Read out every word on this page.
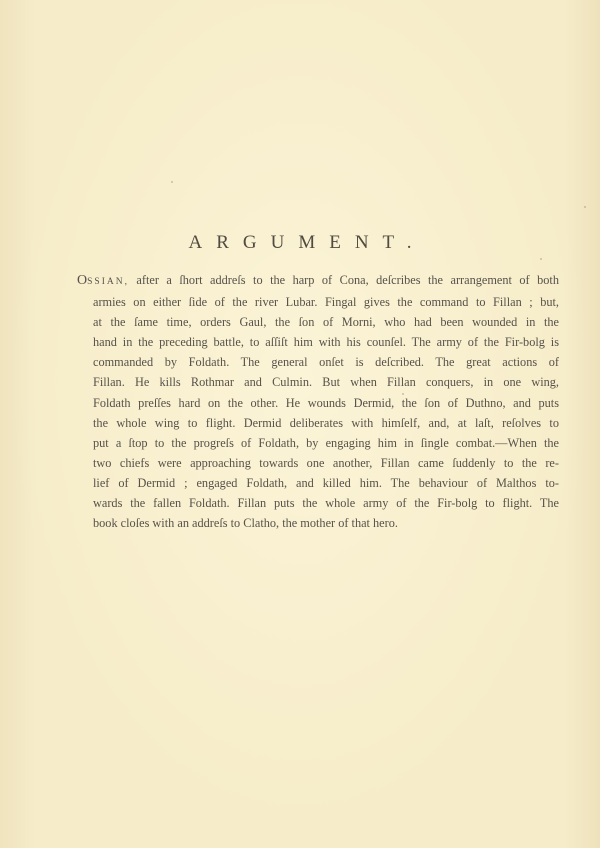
ARGUMENT.
OSSIAN, after a ſhort addreſs to the harp of Cona, deſcribes the arrangement of both
armies on either ſide of the river Lubar. Fingal gives the command to Fillan ; but,
at the ſame time, orders Gaul, the ſon of Morni, who had been wounded in the
hand in the preceding battle, to aſſiſt him with his counſel. The army of the Fir-bolg is
commanded by Foldath. The general onſet is deſcribed. The great actions of
Fillan. He kills Rothmar and Culmin. But when Fillan conquers, in one wing,
Foldath preſſes hard on the other. He wounds Dermid, the ſon of Duthno, and puts
the whole wing to flight. Dermid deliberates with himſelf, and, at laſt, reſolves to
put a ſtop to the progreſs of Foldath, by engaging him in ſingle combat.—When the
two chiefs were approaching towards one another, Fillan came ſuddenly to the re-
lief of Dermid ; engaged Foldath, and killed him. The behaviour of Malthos to-
wards the fallen Foldath. Fillan puts the whole army of the Fir-bolg to flight. The
book cloſes with an addreſs to Clatho, the mother of that hero.
